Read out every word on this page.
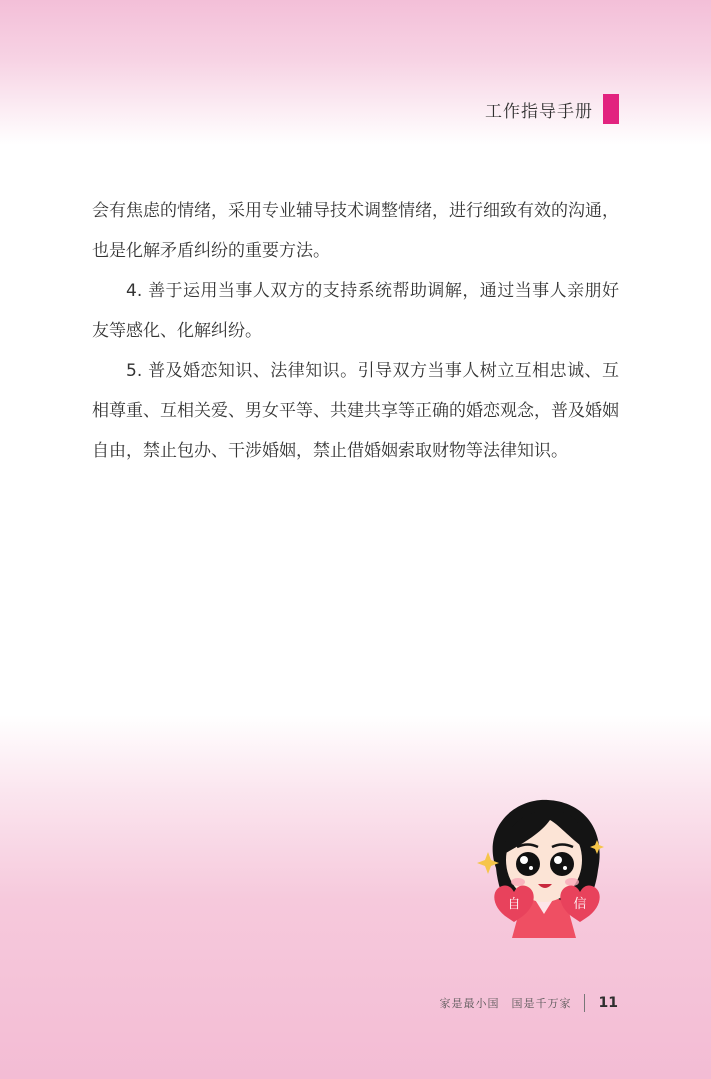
工作指导手册

会有焦虑的情绪，采用专业辅导技术调整情绪，进行细致有效的沟通，也是化解矛盾纠纷的重要方法。

4. 善于运用当事人双方的支持系统帮助调解，通过当事人亲朋好友等感化、化解纠纷。

5. 普及婚恋知识、法律知识。引导双方当事人树立互相忠诚、互相尊重、互相关爱、男女平等、共建共享等正确的婚恋观念，普及婚姻自由，禁止包办、干涉婚姻，禁止借婚姻索取财物等法律知识。

自	信
家是最小国　国是千万家 11
